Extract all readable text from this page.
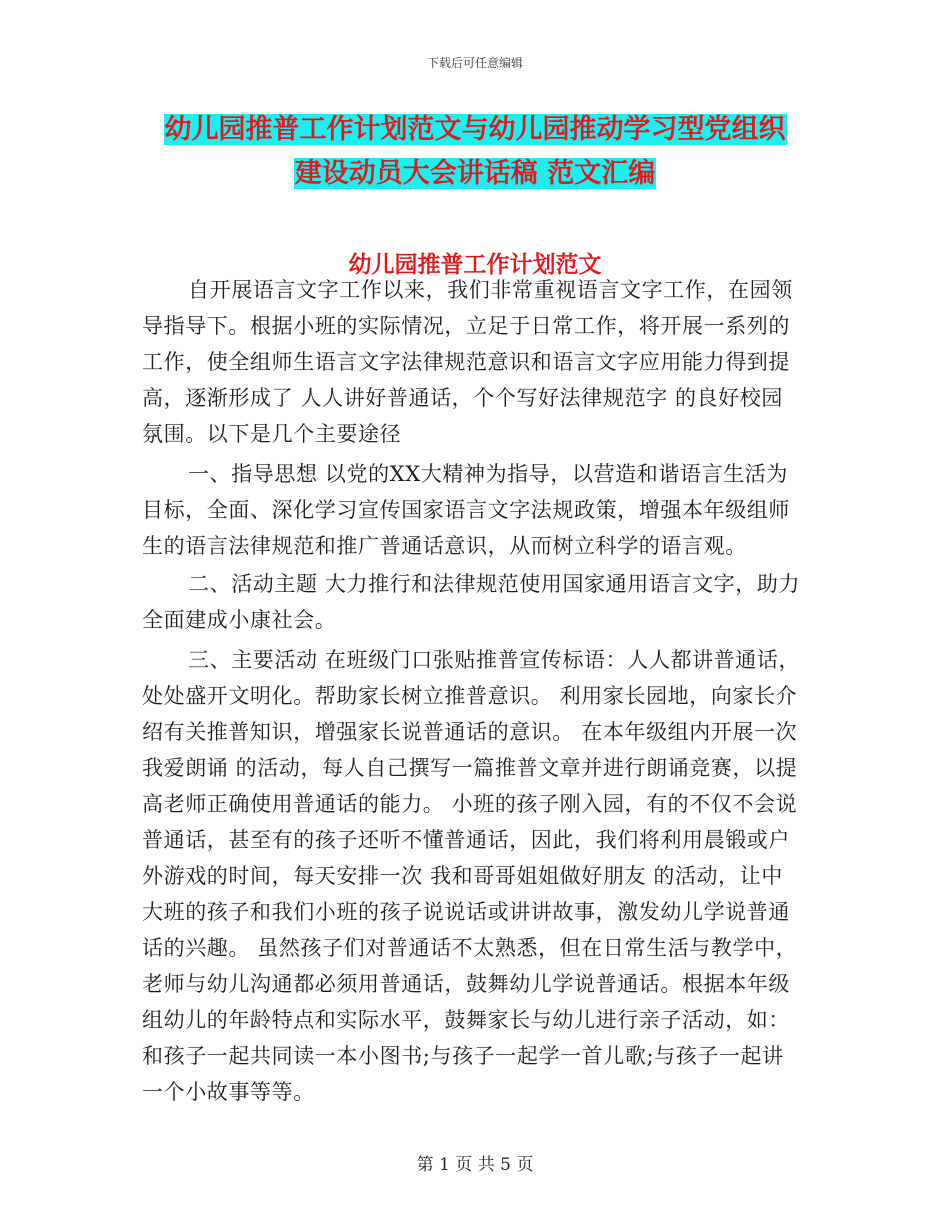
下载后可任意编辑
幼儿园推普工作计划范文与幼儿园推动学习型党组织
建设动员大会讲话稿 范文汇编
幼儿园推普工作计划范文
自开展语言文字工作以来，我们非常重视语言文字工作，在园领
导指导下。根据小班的实际情况，立足于日常工作，将开展一系列的
工作，使全组师生语言文字法律规范意识和语言文字应用能力得到提
高，逐渐形成了 人人讲好普通话，个个写好法律规范字 的良好校园
氛围。以下是几个主要途径
一、指导思想 以党的XX大精神为指导，以营造和谐语言生活为
目标，全面、深化学习宣传国家语言文字法规政策，增强本年级组师
生的语言法律规范和推广普通话意识，从而树立科学的语言观。
二、活动主题 大力推行和法律规范使用国家通用语言文字，助力
全面建成小康社会。
三、主要活动 在班级门口张贴推普宣传标语：人人都讲普通话，
处处盛开文明化。帮助家长树立推普意识。 利用家长园地，向家长介
绍有关推普知识，增强家长说普通话的意识。 在本年级组内开展一次
我爱朗诵 的活动，每人自己撰写一篇推普文章并进行朗诵竞赛，以提
高老师正确使用普通话的能力。 小班的孩子刚入园，有的不仅不会说
普通话，甚至有的孩子还听不懂普通话，因此，我们将利用晨锻或户
外游戏的时间，每天安排一次 我和哥哥姐姐做好朋友 的活动，让中
大班的孩子和我们小班的孩子说说话或讲讲故事，激发幼儿学说普通
话的兴趣。 虽然孩子们对普通话不太熟悉，但在日常生活与教学中，
老师与幼儿沟通都必须用普通话，鼓舞幼儿学说普通话。根据本年级
组幼儿的年龄特点和实际水平，鼓舞家长与幼儿进行亲子活动，如：
和孩子一起共同读一本小图书;与孩子一起学一首儿歌;与孩子一起讲
一个小故事等等。
第 1 页 共 5 页
